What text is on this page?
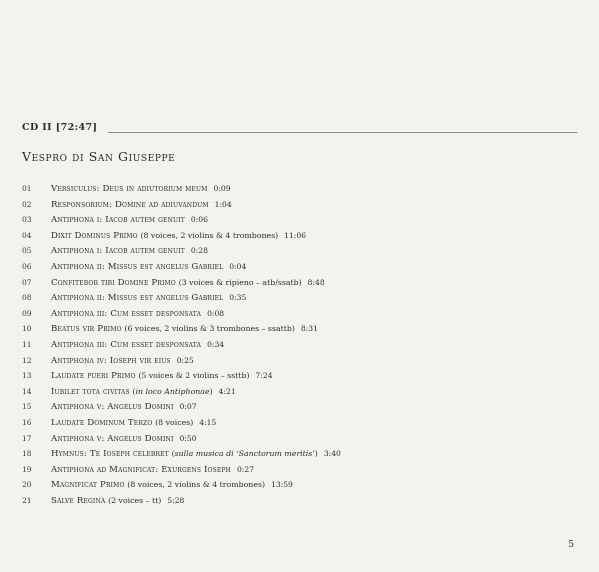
CD II [72:47]
Vespro di San Giuseppe
01 Versiculus: Deus in adiutorium meum 0:09
02 Responsorium: Domine ad adiuvandum 1:04
03 Antiphona i: Iacob autem genuit 0:06
04 Dixit Dominus Primo (8 voices, 2 violins & 4 trombones) 11:06
05 Antiphona i: Iacob autem genuit 0:28
06 Antiphona ii: Missus est angelus Gabriel 0:04
07 Confitebor tibi Domine Primo (3 voices & ripieno – atb/ssatb) 8:48
08 Antiphona ii: Missus est angelus Gabriel 0:35
09 Antiphona iii: Cum esset desponsata 0:08
10 Beatus vir Primo (6 voices, 2 violins & 3 trombones – ssattb) 8:31
11 Antiphona iii: Cum esset desponsata 0:34
12 Antiphona iv: Ioseph vir eius 0:25
13 Laudate pueri Primo (5 voices & 2 violins – ssttb) 7:24
14 Iubilet tota civitas (in loco Antiphonae) 4:21
15 Antiphona v: Angelus Domini 0:07
16 Laudate Dominum Terzo (8 voices) 4:15
17 Antiphona v: Angelus Domini 0:50
18 Hymnus: Te Ioseph celebret (sulla musica di ‘Sanctorum meritis’) 3:40
19 Antiphona ad Magnificat: Exurgens Ioseph 0:27
20 Magnificat Primo (8 voices, 2 violins & 4 trombones) 13:59
21 Salve Regina (2 voices – tt) 5:28
5
